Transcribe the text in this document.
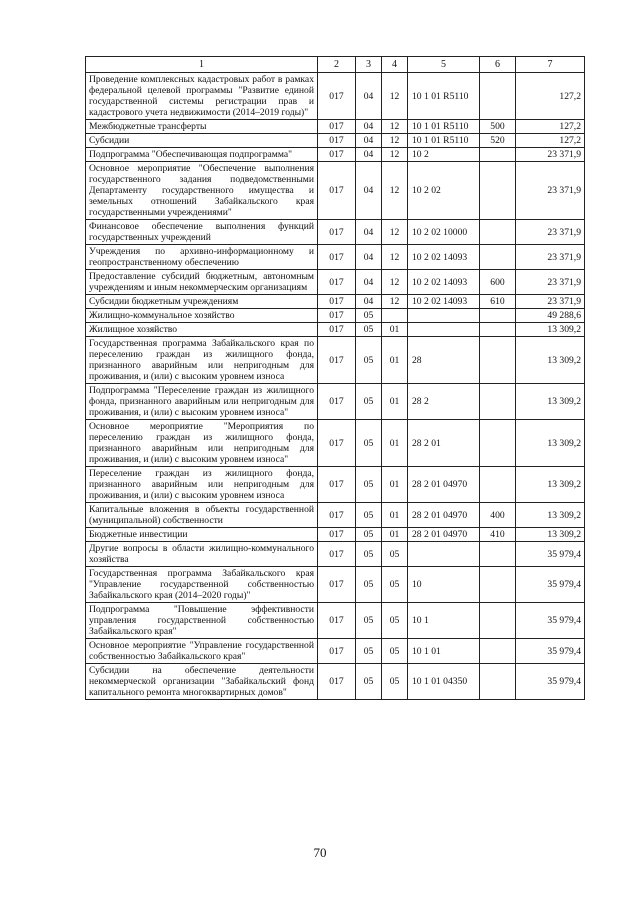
1	2	3	4	5	6	7
Проведение комплексных кадастровых работ в рамках федеральной целевой программы "Развитие единой государственной системы регистрации прав и кадастрового учета недвижимости (2014–2019 годы)"	017	04	12	10 1 01 R5110		127,2
Межбюджетные трансферты	017	04	12	10 1 01 R5110	500	127,2
Субсидии	017	04	12	10 1 01 R5110	520	127,2
Подпрограмма "Обеспечивающая подпрограмма"	017	04	12	10 2		23 371,9
Основное мероприятие "Обеспечение выполнения государственного задания подведомственными Департаменту государственного имущества и земельных отношений Забайкальского края государственными учреждениями"	017	04	12	10 2 02		23 371,9
Финансовое обеспечение выполнения функций государственных учреждений	017	04	12	10 2 02 10000		23 371,9
Учреждения по архивно-информационному и геопространственному обеспечению	017	04	12	10 2 02 14093		23 371,9
Предоставление субсидий бюджетным, автономным учреждениям и иным некоммерческим организациям	017	04	12	10 2 02 14093	600	23 371,9
Субсидии бюджетным учреждениям	017	04	12	10 2 02 14093	610	23 371,9
Жилищно-коммунальное хозяйство	017	05				49 288,6
Жилищное хозяйство	017	05	01			13 309,2
Государственная программа Забайкальского края по переселению граждан из жилищного фонда, признанного аварийным или непригодным для проживания, и (или) с высоким уровнем износа	017	05	01	28		13 309,2
Подпрограмма "Переселение граждан из жилищного фонда, признанного аварийным или непригодным для проживания, и (или) с высоким уровнем износа"	017	05	01	28 2		13 309,2
Основное мероприятие "Мероприятия по переселению граждан из жилищного фонда, признанного аварийным или непригодным для проживания, и (или) с высоким уровнем износа"	017	05	01	28 2 01		13 309,2
Переселение граждан из жилищного фонда, признанного аварийным или непригодным для проживания, и (или) с высоким уровнем износа	017	05	01	28 2 01 04970		13 309,2
Капитальные вложения в объекты государственной (муниципальной) собственности	017	05	01	28 2 01 04970	400	13 309,2
Бюджетные инвестиции	017	05	01	28 2 01 04970	410	13 309,2
Другие вопросы в области жилищно-коммунального хозяйства	017	05	05			35 979,4
Государственная программа Забайкальского края "Управление государственной собственностью Забайкальского края (2014–2020 годы)"	017	05	05	10		35 979,4
Подпрограмма "Повышение эффективности управления государственной собственностью Забайкальского края"	017	05	05	10 1		35 979,4
Основное мероприятие "Управление государственной собственностью Забайкальского края"	017	05	05	10 1 01		35 979,4
Субсидии на обеспечение деятельности некоммерческой организации "Забайкальский фонд капитального ремонта многоквартирных домов"	017	05	05	10 1 01 04350		35 979,4
70
